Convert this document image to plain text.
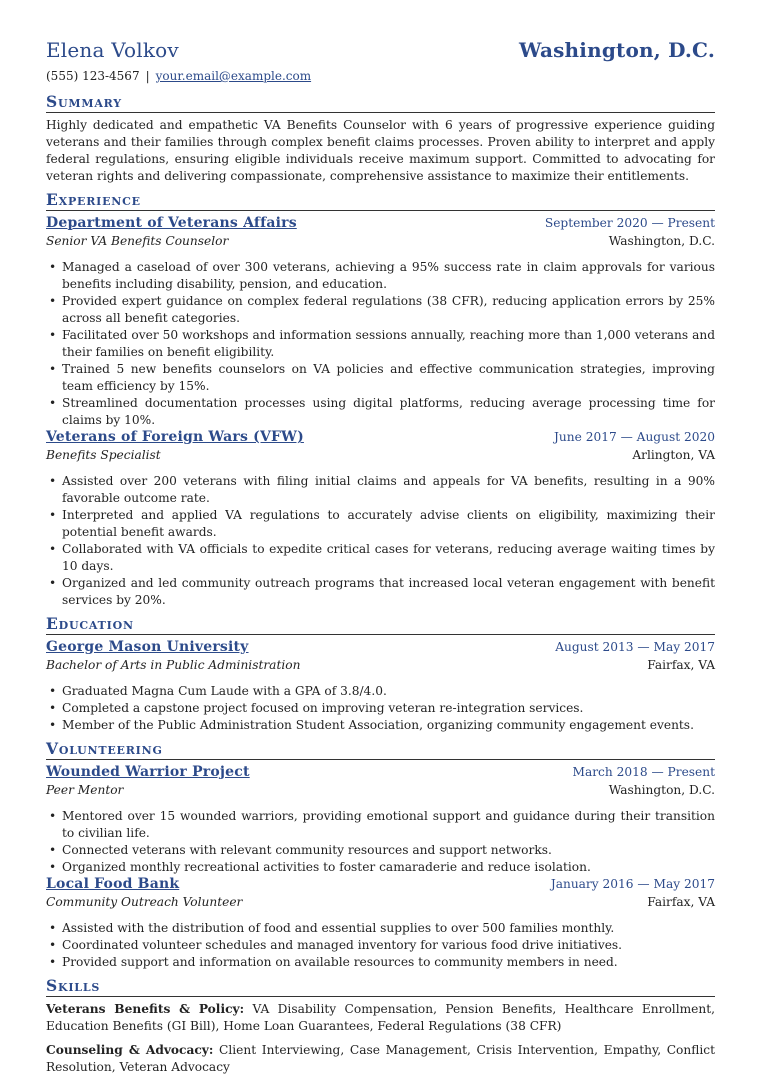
Elena Volkov	Washington, D.C.
(555) 123-4567 | your.email@example.com
Summary
Highly dedicated and empathetic VA Benefits Counselor with 6 years of progressive experience guiding veterans and their families through complex benefit claims processes. Proven ability to interpret and apply federal regulations, ensuring eligible individuals receive maximum support. Committed to advocating for veteran rights and delivering compassionate, comprehensive assistance to maximize their entitlements.
Experience
Department of Veterans Affairs	September 2020 — Present
Senior VA Benefits Counselor	Washington, D.C.
• Managed a caseload of over 300 veterans, achieving a 95% success rate in claim approvals for various benefits including disability, pension, and education.
• Provided expert guidance on complex federal regulations (38 CFR), reducing application errors by 25% across all benefit categories.
• Facilitated over 50 workshops and information sessions annually, reaching more than 1,000 veterans and their families on benefit eligibility.
• Trained 5 new benefits counselors on VA policies and effective communication strategies, improving team efficiency by 15%.
• Streamlined documentation processes using digital platforms, reducing average processing time for claims by 10%.
Veterans of Foreign Wars (VFW)	June 2017 — August 2020
Benefits Specialist	Arlington, VA
• Assisted over 200 veterans with filing initial claims and appeals for VA benefits, resulting in a 90% favorable outcome rate.
• Interpreted and applied VA regulations to accurately advise clients on eligibility, maximizing their potential benefit awards.
• Collaborated with VA officials to expedite critical cases for veterans, reducing average waiting times by 10 days.
• Organized and led community outreach programs that increased local veteran engagement with benefit services by 20%.
Education
George Mason University	August 2013 — May 2017
Bachelor of Arts in Public Administration	Fairfax, VA
• Graduated Magna Cum Laude with a GPA of 3.8/4.0.
• Completed a capstone project focused on improving veteran re-integration services.
• Member of the Public Administration Student Association, organizing community engagement events.
Volunteering
Wounded Warrior Project	March 2018 — Present
Peer Mentor	Washington, D.C.
• Mentored over 15 wounded warriors, providing emotional support and guidance during their transition to civilian life.
• Connected veterans with relevant community resources and support networks.
• Organized monthly recreational activities to foster camaraderie and reduce isolation.
Local Food Bank	January 2016 — May 2017
Community Outreach Volunteer	Fairfax, VA
• Assisted with the distribution of food and essential supplies to over 500 families monthly.
• Coordinated volunteer schedules and managed inventory for various food drive initiatives.
• Provided support and information on available resources to community members in need.
Skills
Veterans Benefits & Policy: VA Disability Compensation, Pension Benefits, Healthcare Enrollment, Education Benefits (GI Bill), Home Loan Guarantees, Federal Regulations (38 CFR)
Counseling & Advocacy: Client Interviewing, Case Management, Crisis Intervention, Empathy, Conflict Resolution, Veteran Advocacy
